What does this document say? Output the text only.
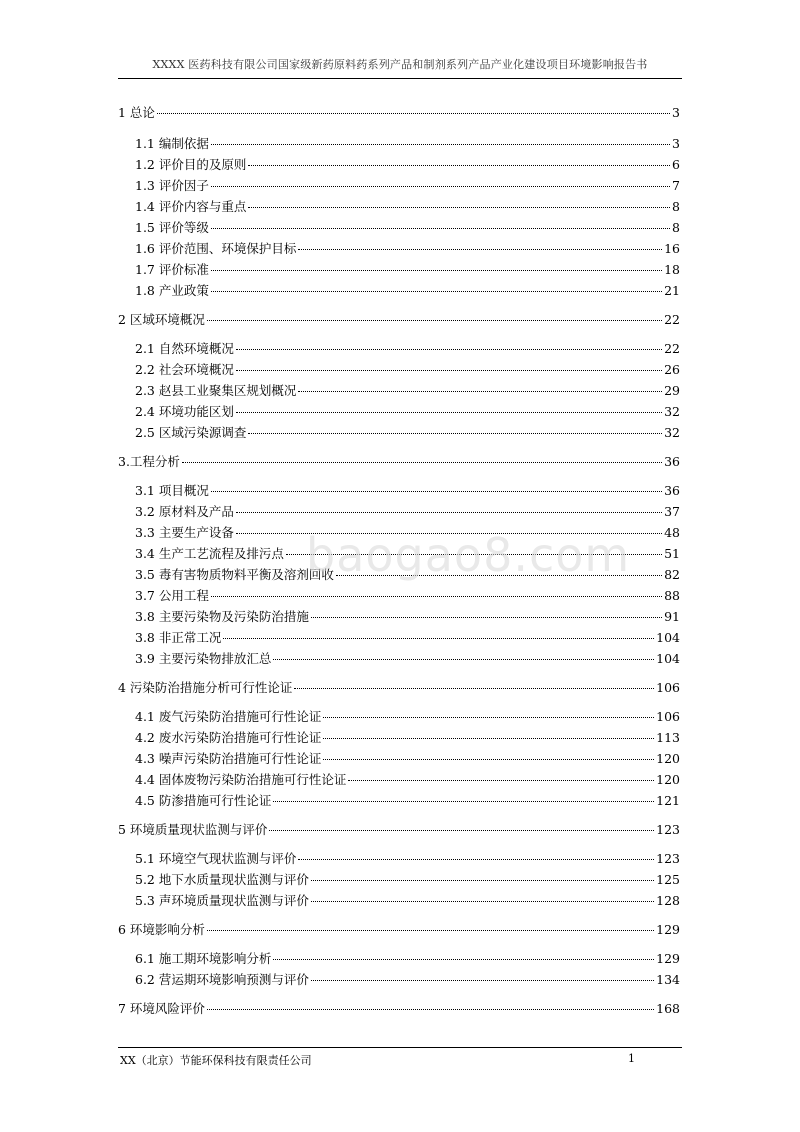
XXXX 医药科技有限公司国家级新药原料药系列产品和制剂系列产品产业化建设项目环境影响报告书
1 总论	3
1.1 编制依据	3
1.2 评价目的及原则	6
1.3 评价因子	7
1.4 评价内容与重点	8
1.5 评价等级	8
1.6 评价范围、环境保护目标	16
1.7 评价标准	18
1.8 产业政策	21
2 区域环境概况	22
2.1 自然环境概况	22
2.2 社会环境概况	26
2.3 赵县工业聚集区规划概况	29
2.4 环境功能区划	32
2.5 区域污染源调查	32
3.工程分析	36
3.1 项目概况	36
3.2 原材料及产品	37
3.3 主要生产设备	48
3.4 生产工艺流程及排污点	51
3.5 毒有害物质物料平衡及溶剂回收	82
3.7 公用工程	88
3.8 主要污染物及污染防治措施	91
3.8 非正常工况	104
3.9 主要污染物排放汇总	104
4 污染防治措施分析可行性论证	106
4.1 废气污染防治措施可行性论证	106
4.2 废水污染防治措施可行性论证	113
4.3 噪声污染防治措施可行性论证	120
4.4 固体废物污染防治措施可行性论证	120
4.5 防渗措施可行性论证	121
5 环境质量现状监测与评价	123
5.1 环境空气现状监测与评价	123
5.2 地下水质量现状监测与评价	125
5.3 声环境质量现状监测与评价	128
6 环境影响分析	129
6.1 施工期环境影响分析	129
6.2 营运期环境影响预测与评价	134
7 环境风险评价	168
baogao8.com
XX（北京）节能环保科技有限责任公司	1
